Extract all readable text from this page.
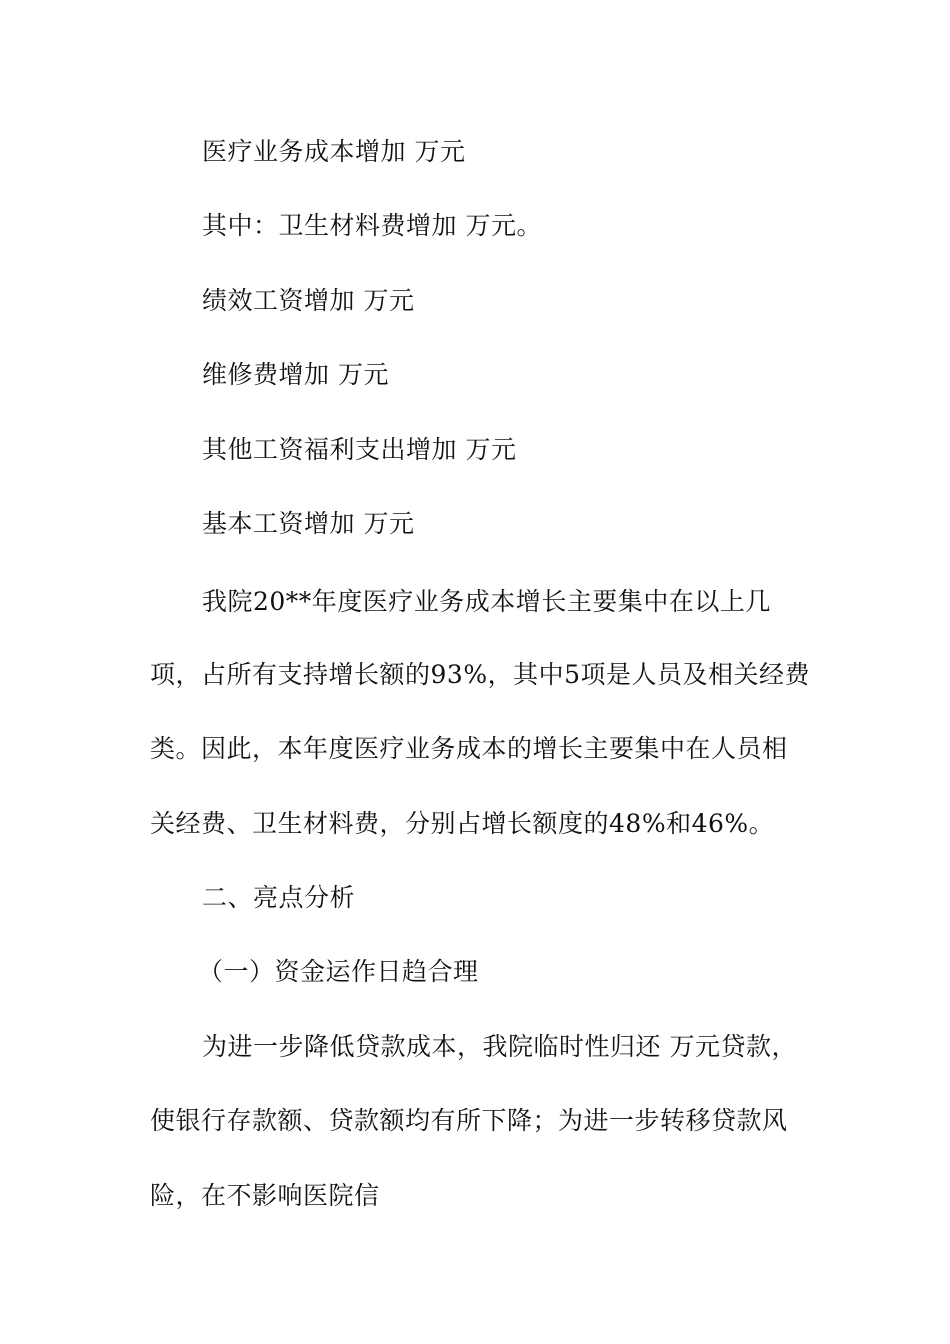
医疗业务成本增加 万元
其中：卫生材料费增加 万元。
绩效工资增加 万元
维修费增加 万元
其他工资福利支出增加 万元
基本工资增加 万元
我院20**年度医疗业务成本增长主要集中在以上几
项，占所有支持增长额的93%，其中5项是人员及相关经费
类。因此，本年度医疗业务成本的增长主要集中在人员相
关经费、卫生材料费，分别占增长额度的48%和46%。
二、亮点分析
（一）资金运作日趋合理
为进一步降低贷款成本，我院临时性归还 万元贷款，
使银行存款额、贷款额均有所下降；为进一步转移贷款风
险，在不影响医院信
